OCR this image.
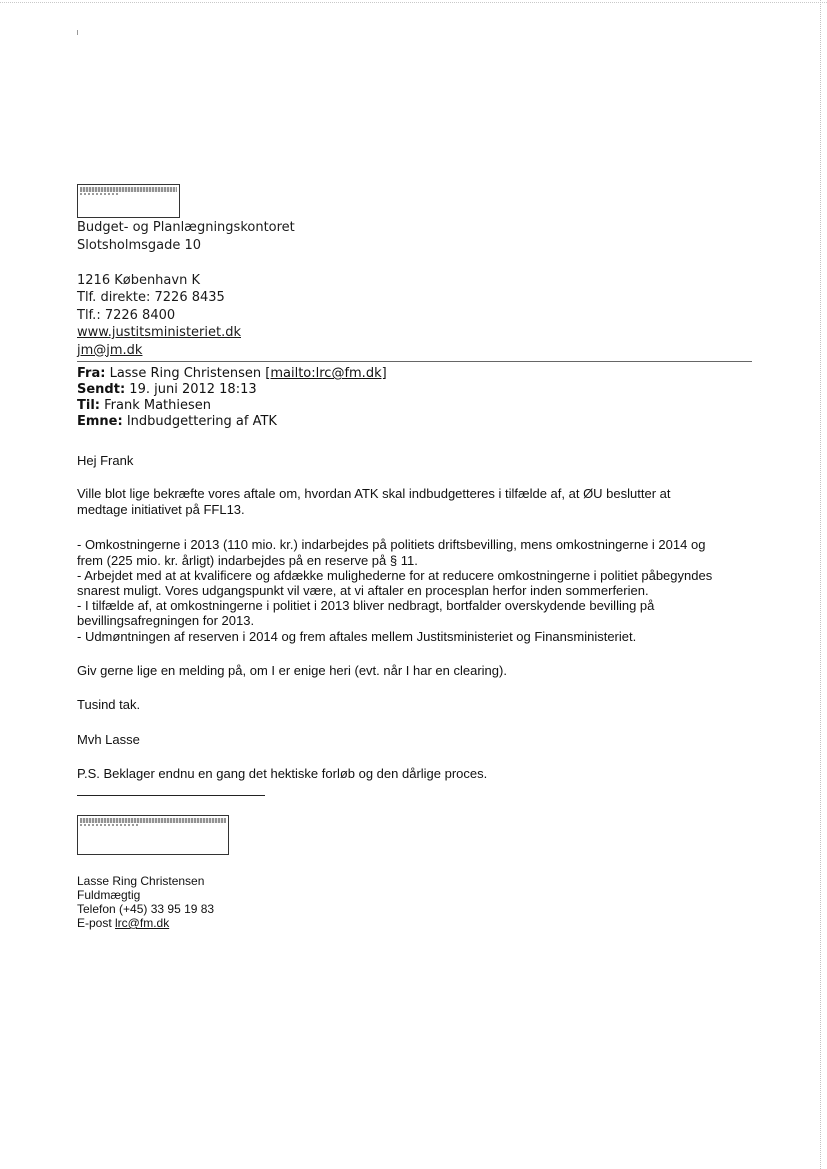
Budget- og Planlægningskontoret
Slotsholmsgade 10
1216 København K
Tlf. direkte: 7226 8435
Tlf.: 7226 8400
www.justitsministeriet.dk
jm@jm.dk
Fra: Lasse Ring Christensen [mailto:lrc@fm.dk]
Sendt: 19. juni 2012 18:13
Til: Frank Mathiesen
Emne: Indbudgettering af ATK

Hej Frank

Ville blot lige bekræfte vores aftale om, hvordan ATK skal indbudgetteres i tilfælde af, at ØU beslutter at

medtage initiativet på FFL13.

- Omkostningerne i 2013 (110 mio. kr.) indarbejdes på politiets driftsbevilling, mens omkostningerne i 2014 og

frem (225 mio. kr. årligt) indarbejdes på en reserve på § 11.

- Arbejdet med at at kvalificere og afdække mulighederne for at reducere omkostningerne i politiet påbegyndes

snarest muligt. Vores udgangspunkt vil være, at vi aftaler en procesplan herfor inden sommerferien.

- I tilfælde af, at omkostningerne i politiet i 2013 bliver nedbragt, bortfalder overskydende bevilling på

bevillingsafregningen for 2013.

- Udmøntningen af reserven i 2014 og frem aftales mellem Justitsministeriet og Finansministeriet.

Giv gerne lige en melding på, om I er enige heri (evt. når I har en clearing).

Tusind tak.

Mvh Lasse

P.S. Beklager endnu en gang det hektiske forløb og den dårlige proces.

Lasse Ring Christensen
Fuldmægtig
Telefon (+45) 33 95 19 83
E-post lrc@fm.dk
